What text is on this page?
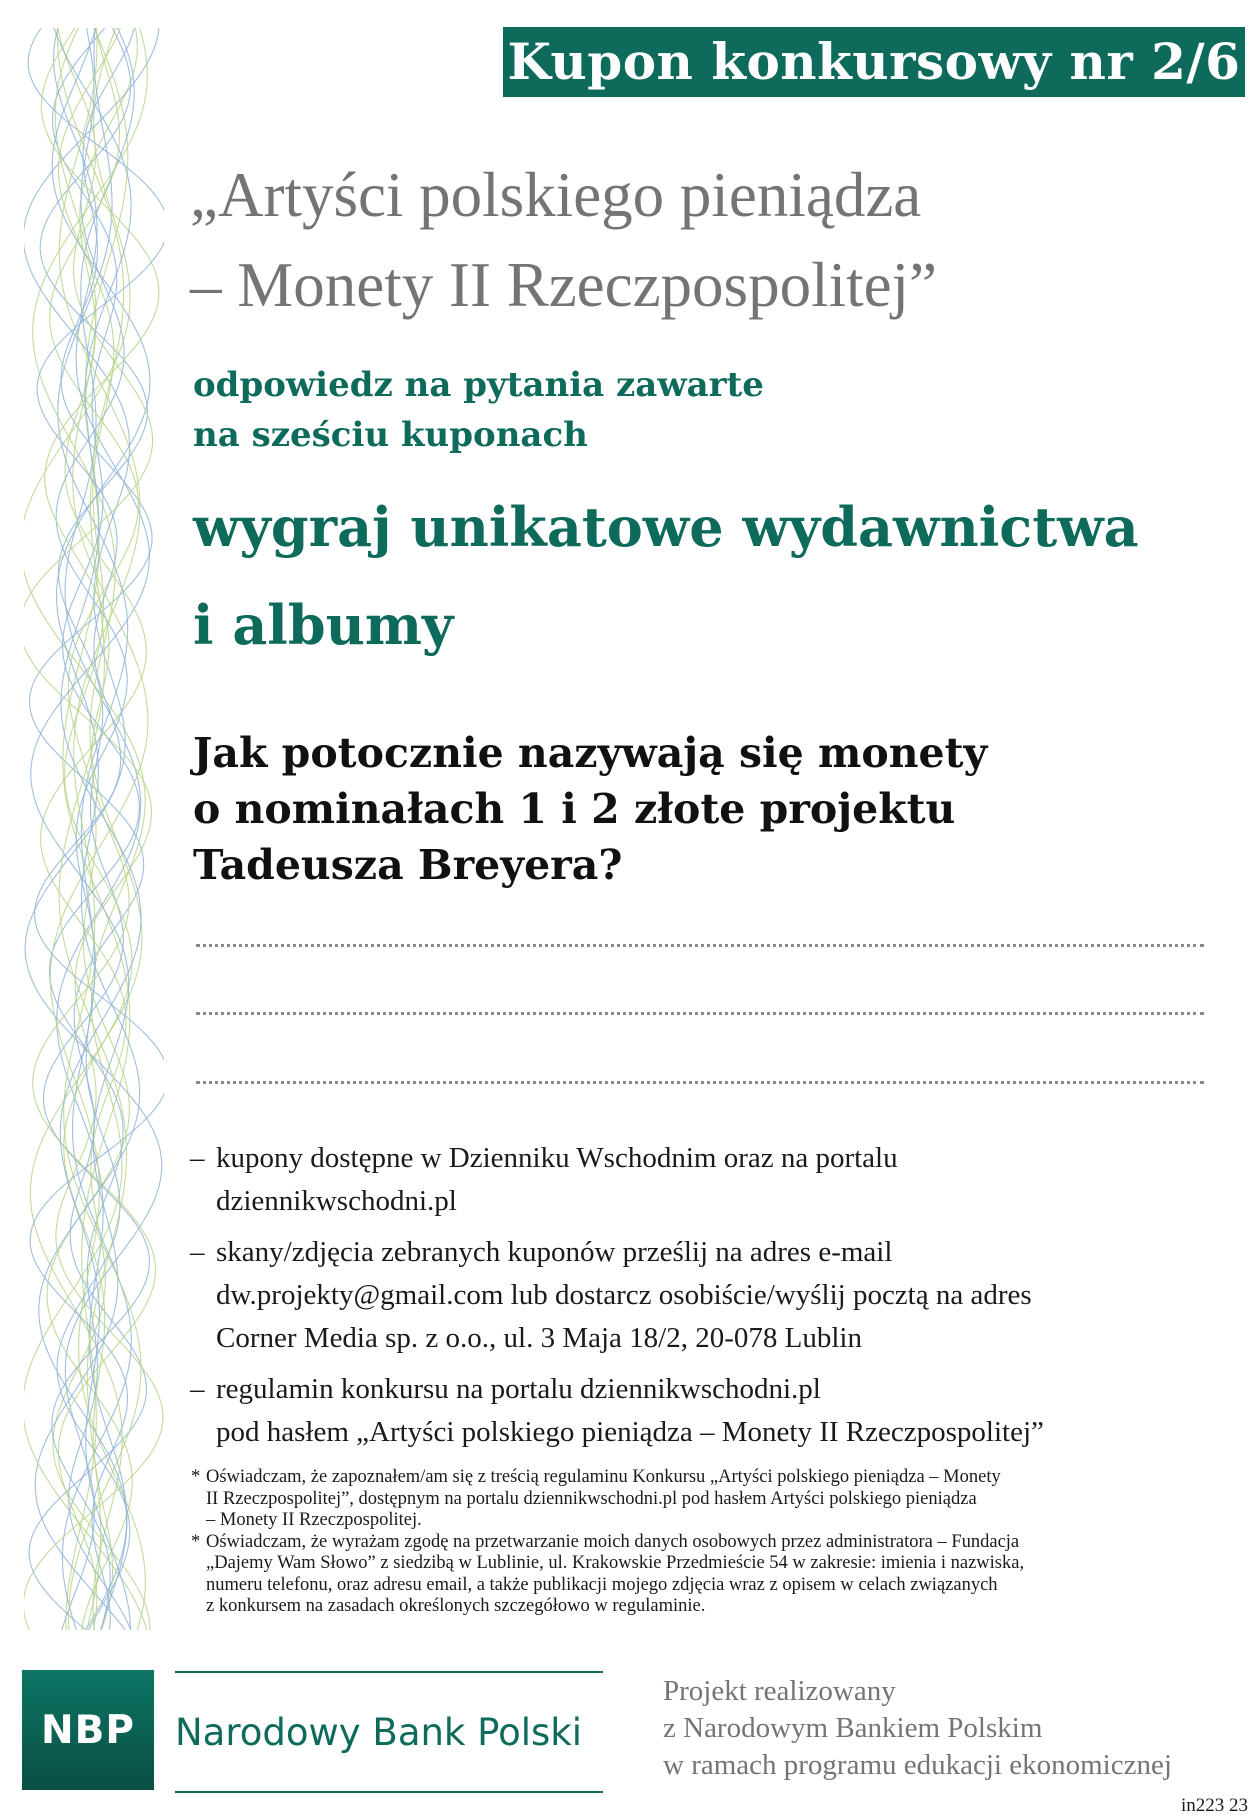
Kupon konkursowy nr 2/6
„Artyści polskiego pieniądza
– Monety II Rzeczpospolitej”
odpowiedz na pytania zawarte
na sześciu kuponach
wygraj unikatowe wydawnictwa
i albumy
Jak potocznie nazywają się monety
o nominałach 1 i 2 złote projektu
Tadeusza Breyera?
– kupony dostępne w Dzienniku Wschodnim oraz na portalu
dziennikwschodni.pl
– skany/zdjęcia zebranych kuponów prześlij na adres e-mail
dw.projekty@gmail.com lub dostarcz osobiście/wyślij pocztą na adres
Corner Media sp. z o.o., ul. 3 Maja 18/2, 20-078 Lublin
– regulamin konkursu na portalu dziennikwschodni.pl
pod hasłem „Artyści polskiego pieniądza – Monety II Rzeczpospolitej”
* Oświadczam, że zapoznałem/am się z treścią regulaminu Konkursu „Artyści polskiego pieniądza – Monety
II Rzeczpospolitej”, dostępnym na portalu dziennikwschodni.pl pod hasłem Artyści polskiego pieniądza
– Monety II Rzeczpospolitej.
* Oświadczam, że wyrażam zgodę na przetwarzanie moich danych osobowych przez administratora – Fundacja
„Dajemy Wam Słowo” z siedzibą w Lublinie, ul. Krakowskie Przedmieście 54 w zakresie: imienia i nazwiska,
numeru telefonu, oraz adresu email, a także publikacji mojego zdjęcia wraz z opisem w celach związanych
z konkursem na zasadach określonych szczegółowo w regulaminie.
NBP Narodowy Bank Polski
Projekt realizowany
z Narodowym Bankiem Polskim
w ramach programu edukacji ekonomicznej
in223 23
